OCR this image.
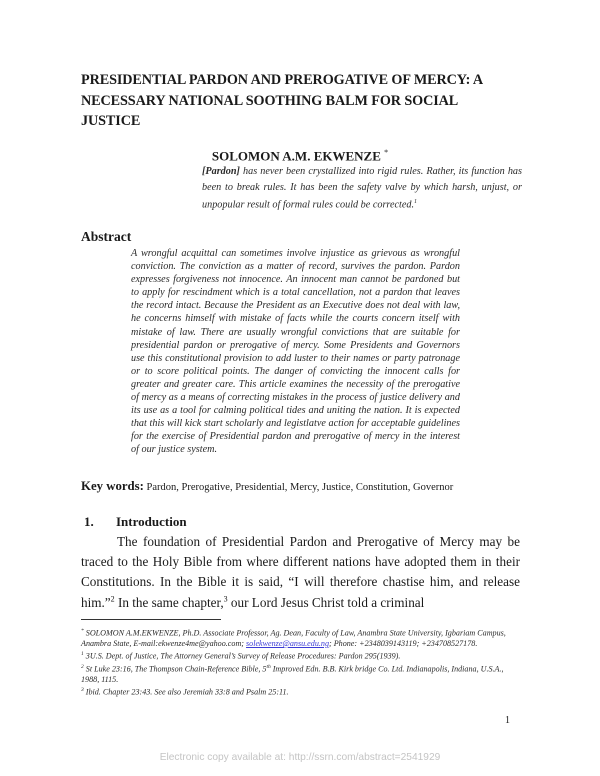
PRESIDENTIAL PARDON AND PREROGATIVE OF MERCY: A
NECESSARY NATIONAL SOOTHING BALM FOR SOCIAL
JUSTICE
SOLOMON A.M. EKWENZE *
[Pardon] has never been crystallized into rigid rules. Rather, its function has been to break rules. It has been the safety valve by which harsh, unjust, or unpopular result of formal rules could be corrected.$^1$
Abstract
A wrongful acquittal can sometimes involve injustice as grievous as wrongful conviction. The conviction as a matter of record, survives the pardon. Pardon expresses forgiveness not innocence. An innocent man cannot be pardoned but to apply for rescindment which is a total cancellation, not a pardon that leaves the record intact. Because the President as an Executive does not deal with law, he concerns himself with mistake of facts while the courts concern itself with mistake of law. There are usually wrongful convictions that are suitable for presidential pardon or prerogative of mercy. Some Presidents and Governors use this constitutional provision to add luster to their names or party patronage or to score political points. The danger of convicting the innocent calls for greater and greater care. This article examines the necessity of the prerogative of mercy as a means of correcting mistakes in the process of justice delivery and its use as a tool for calming political tides and uniting the nation. It is expected that this will kick start scholarly and legistlatve action for acceptable guidelines for the exercise of Presidential pardon and prerogative of mercy in the interest of our justice system.
Key words: Pardon, Prerogative, Presidential, Mercy, Justice, Constitution, Governor
1. Introduction
The foundation of Presidential Pardon and Prerogative of Mercy may be traced to the Holy Bible from where different nations have adopted them in their Constitutions. In the Bible it is said, “I will therefore chastise him, and release him.”$^2$ In the same chapter,$^3$ our Lord Jesus Christ told a criminal
* SOLOMON A.M.EKWENZE, Ph.D. Associate Professor, Ag. Dean, Faculty of Law, Anambra State University, Igbariam Campus, Anambra State, E-mail:ekwenze4me@yahoo.com; solekwenze@ansu.edu.ng; Phone: +2348039143119; +234708527178.
$^1$ 3U.S. Dept. of Justice, The Attorney General’s Survey of Release Procedures: Pardon 295(1939).
$^2$ St Luke 23:16, The Thompson Chain-Reference Bible, 5th Improved Edn. B.B. Kirk bridge Co. Ltd. Indianapolis, Indiana, U.S.A., 1988, 1115.
$^3$ Ibid. Chapter 23:43. See also Jeremiah 33:8 and Psalm 25:11.
1
Electronic copy available at: http://ssrn.com/abstract=2541929
